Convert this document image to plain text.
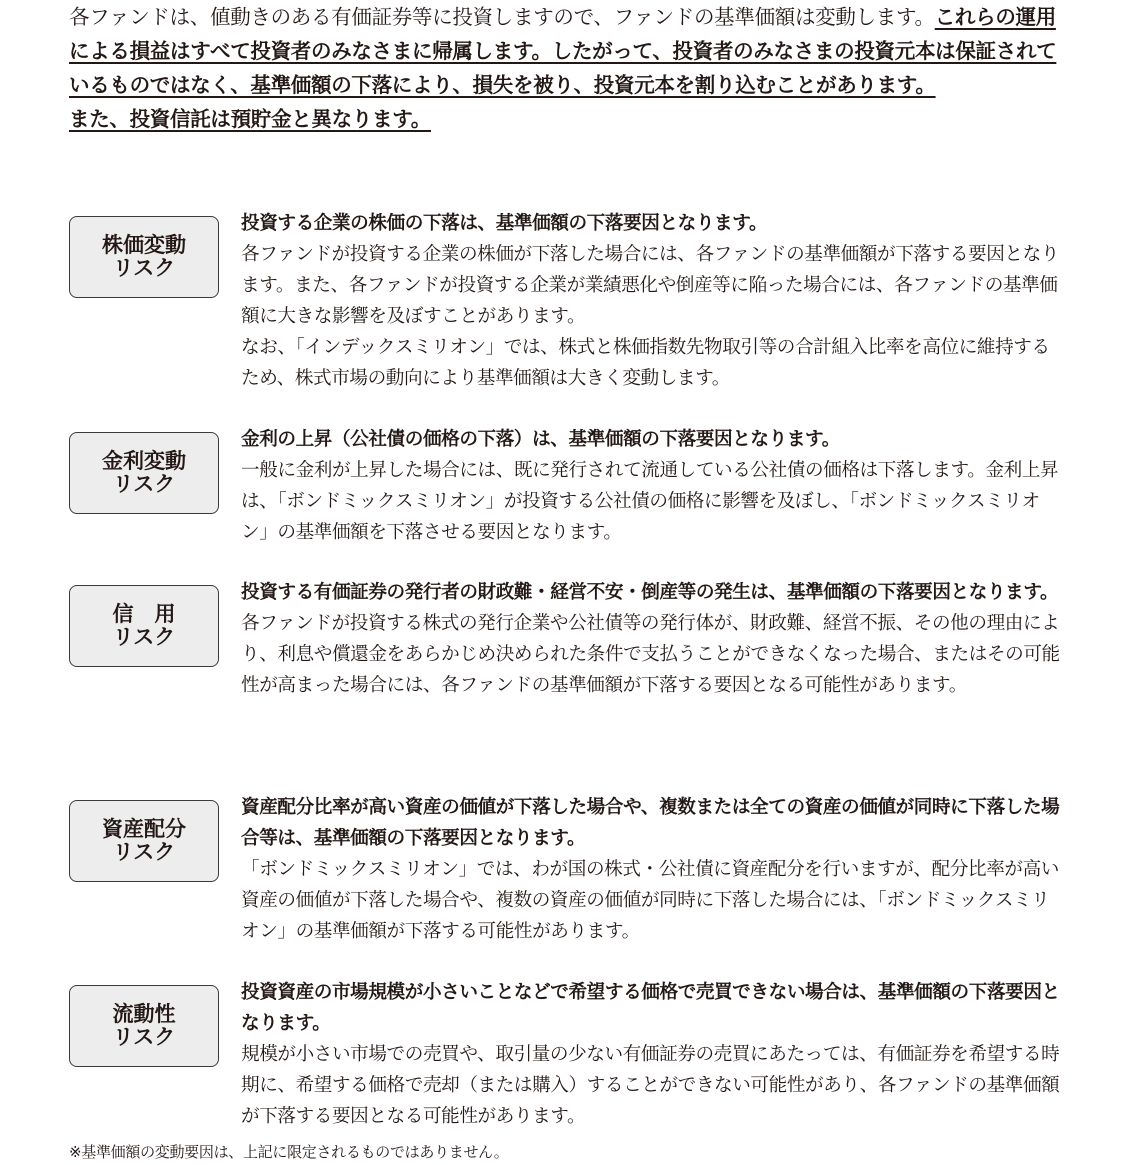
各ファンドは、値動きのある有価証券等に投資しますので、ファンドの基準価額は変動します。これらの運用による損益はすべて投資者のみなさまに帰属します。したがって、投資者のみなさまの投資元本は保証されているものではなく、基準価額の下落により、損失を被り、投資元本を割り込むことがあります。

また、投資信託は預貯金と異なります。

株価変動
リスク

投資する企業の株価の下落は、基準価額の下落要因となります。

各ファンドが投資する企業の株価が下落した場合には、各ファンドの基準価額が下落する要因となります。また、各ファンドが投資する企業が業績悪化や倒産等に陥った場合には、各ファンドの基準価額に大きな影響を及ぼすことがあります。

なお、「インデックスミリオン」では、株式と株価指数先物取引等の合計組入比率を高位に維持するため、株式市場の動向により基準価額は大きく変動します。

金利変動
リスク

金利の上昇（公社債の価格の下落）は、基準価額の下落要因となります。

一般に金利が上昇した場合には、既に発行されて流通している公社債の価格は下落します。金利上昇は、「ボンドミックスミリオン」が投資する公社債の価格に影響を及ぼし、「ボンドミックスミリオン」の基準価額を下落させる要因となります。

信　用
リスク

投資する有価証券の発行者の財政難・経営不安・倒産等の発生は、基準価額の下落要因となります。

各ファンドが投資する株式の発行企業や公社債等の発行体が、財政難、経営不振、その他の理由により、利息や償還金をあらかじめ決められた条件で支払うことができなくなった場合、またはその可能性が高まった場合には、各ファンドの基準価額が下落する要因となる可能性があります。

資産配分
リスク

資産配分比率が高い資産の価値が下落した場合や、複数または全ての資産の価値が同時に下落した場合等は、基準価額の下落要因となります。

「ボンドミックスミリオン」では、わが国の株式・公社債に資産配分を行いますが、配分比率が高い資産の価値が下落した場合や、複数の資産の価値が同時に下落した場合には、「ボンドミックスミリオン」の基準価額が下落する可能性があります。

流動性
リスク

投資資産の市場規模が小さいことなどで希望する価格で売買できない場合は、基準価額の下落要因となります。

規模が小さい市場での売買や、取引量の少ない有価証券の売買にあたっては、有価証券を希望する時期に、希望する価格で売却（または購入）することができない可能性があり、各ファンドの基準価額が下落する要因となる可能性があります。

※基準価額の変動要因は、上記に限定されるものではありません。
